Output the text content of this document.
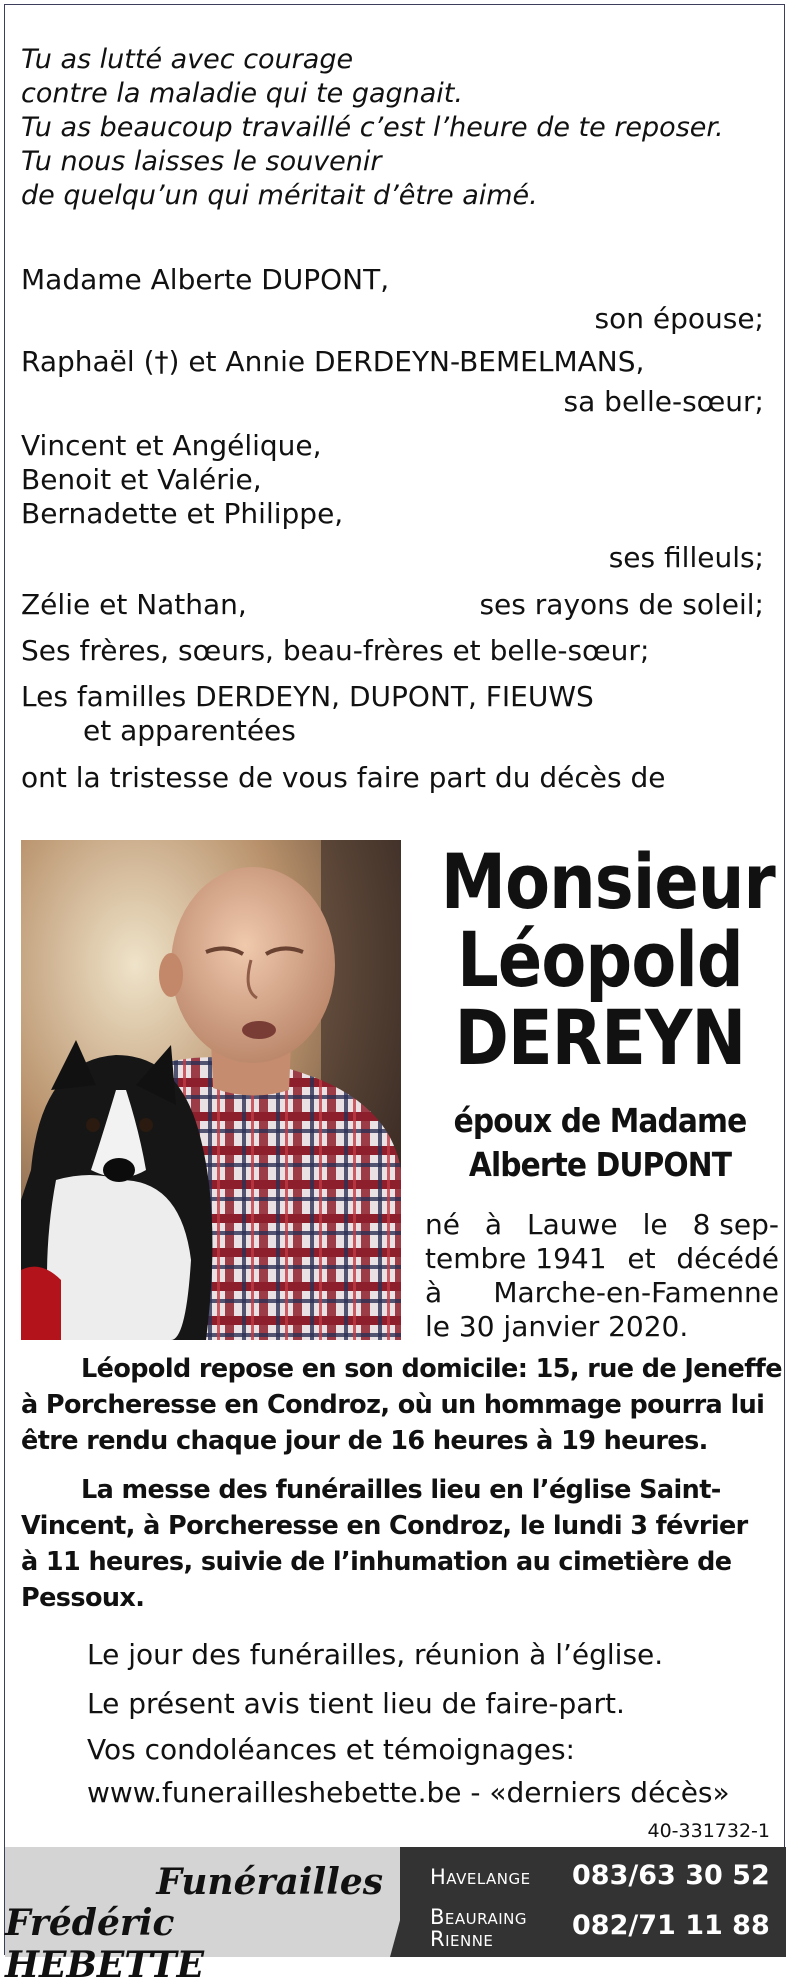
Tu as lutté avec courage
contre la maladie qui te gagnait.
Tu as beaucoup travaillé c’est l’heure de te reposer.
Tu nous laisses le souvenir
de quelqu’un qui méritait d’être aimé.
Madame Alberte DUPONT,
son épouse;
Raphaël (†) et Annie DERDEYN-BEMELMANS,
sa belle-sœur;
Vincent et Angélique,
Benoit et Valérie,
Bernadette et Philippe,
ses filleuls;
Zélie et Nathan,	ses rayons de soleil;
Ses frères, sœurs, beau-frères et belle-sœur;
Les familles DERDEYN, DUPONT, FIEUWS
et apparentées
ont la tristesse de vous faire part du décès de
Monsieur
Léopold
DEREYN
époux de Madame
Alberte DUPONT
né à Lauwe le 8 sep-
tembre 1941 et décédé
à Marche-en-Famenne
le 30 janvier 2020.
Léopold repose en son domicile: 15, rue de Jeneffe
à Porcheresse en Condroz, où un hommage pourra lui
être rendu chaque jour de 16 heures à 19 heures.
La messe des funérailles lieu en l’église Saint-
Vincent, à Porcheresse en Condroz, le lundi 3 février
à 11 heures, suivie de l’inhumation au cimetière de
Pessoux.
Le jour des funérailles, réunion à l’église.
Le présent avis tient lieu de faire-part.
Vos condoléances et témoignages:
www.funerailleshebette.be - «derniers décès»
40-331732-1
Funérailles
Frédéric HEBETTE
Havelange 083/63 30 52
Beauraing
Rienne	082/71 11 88
